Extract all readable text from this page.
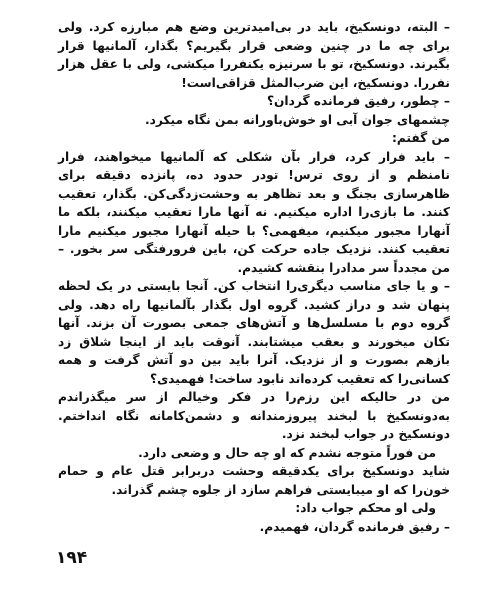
– البته، دونسکیخ، باید در بی‌امیدترین وضع هم مبارزه کرد. ولی برای چه ما در چنین وضعی قرار بگیریم؟ بگذار، آلمانیها قرار بگیرند. دونسکیخ، تو با سرنیزه یکنفررا میکشی، ولی با عقل هزار نفررا. دونسکیخ، این ضرب‌المثل قزاقی‌است!

– چطور، رفیق فرمانده گردان؟

چشمهای جوان آبی او خوش‌باورانه بمن نگاه میکرد.

من گفتم:

– باید فرار کرد، فرار بآن شکلی که آلمانیها میخواهند، فرار نامنظم و از روی ترس! تودر حدود ده، پانزده دقیقه برای ظاهرسازی بجنگ و بعد تظاهر به وحشت‌زدگی‌کن. بگذار، تعقیب کنند. ما بازی‌را اداره میکنیم. نه آنها مارا تعقیب میکنند، بلکه ما آنهارا مجبور میکنیم، میفهمی؟ با حیله آنهارا مجبور میکنیم مارا تعقیب کنند. نزدیک جاده حرکت کن، باین فرورفتگی سر بخور. – من مجدداً سر مدادرا بنقشه کشیدم.

– و یا جای مناسب دیگری‌را انتخاب کن. آنجا بایستی در یک لحظه پنهان شد و دراز کشید. گروه اول بگذار بآلمانیها راه دهد. ولی گروه دوم با مسلسل‌ها و آتش‌های جمعی بصورت آن بزند. آنها تکان میخورند و بعقب میشتابند. آنوقت باید از اینجا شلاق زد بازهم بصورت و از نزدیک. آنرا باید بین دو آتش گرفت و همه کسانی‌را که تعقیب کرده‌اند نابود ساخت! فهمیدی؟

من در حالیکه این رزم‌را در فکر وخیالم از سر میگذراندم به‌دونسکیخ با لبخند پیروزمندانه و دشمن‌کامانه نگاه انداختم. دونسکیخ در جواب لبخند نزد.

من فوراً متوجه نشدم که او چه حال و وضعی دارد.

شاید دونسکیخ برای یکدقیقه وحشت دربرابر قتل عام و حمام خون‌را که او میبایستی فراهم سازد از جلوه چشم گذراند.

ولی او محکم جواب داد:

– رفیق فرمانده گردان، فهمیدم.

۱۹۴
